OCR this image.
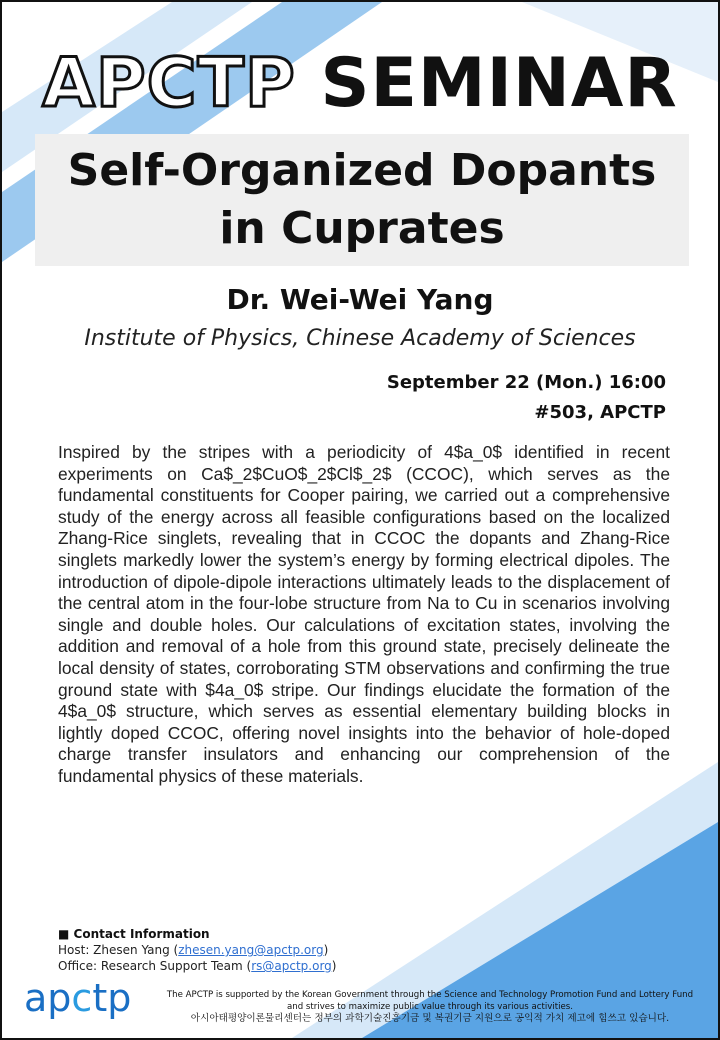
APCTP SEMINAR
Self-Organized Dopants
in Cuprates
Dr. Wei-Wei Yang
Institute of Physics, Chinese Academy of Sciences
September 22 (Mon.) 16:00
#503, APCTP
Inspired by the stripes with a periodicity of 4$a_0$ identified in recent experiments on Ca$_2$CuO$_2$Cl$_2$ (CCOC), which serves as the fundamental constituents for Cooper pairing, we carried out a comprehensive study of the energy across all feasible configurations based on the localized Zhang-Rice singlets, revealing that in CCOC the dopants and Zhang-Rice singlets markedly lower the system’s energy by forming electrical dipoles. The introduction of dipole-dipole interactions ultimately leads to the displacement of the central atom in the four-lobe structure from Na to Cu in scenarios involving single and double holes. Our calculations of excitation states, involving the addition and removal of a hole from this ground state, precisely delineate the local density of states, corroborating STM observations and confirming the true ground state with $4a_0$ stripe. Our findings elucidate the formation of the 4$a_0$ structure, which serves as essential elementary building blocks in lightly doped CCOC, offering novel insights into the behavior of hole-doped charge transfer insulators and enhancing our comprehension of the fundamental physics of these materials.
■ Contact Information
Host: Zhesen Yang (zhesen.yang@apctp.org)
Office: Research Support Team (rs@apctp.org)
apctp	The APCTP is supported by the Korean Government through the Science and Technology Promotion Fund and Lottery Fund
and strives to maximize public value through its various activities.
아시아태평양이론물리센터는 정부의 과학기술진흥기금 및 복권기금 지원으로 공익적 가치 제고에 힘쓰고 있습니다.
